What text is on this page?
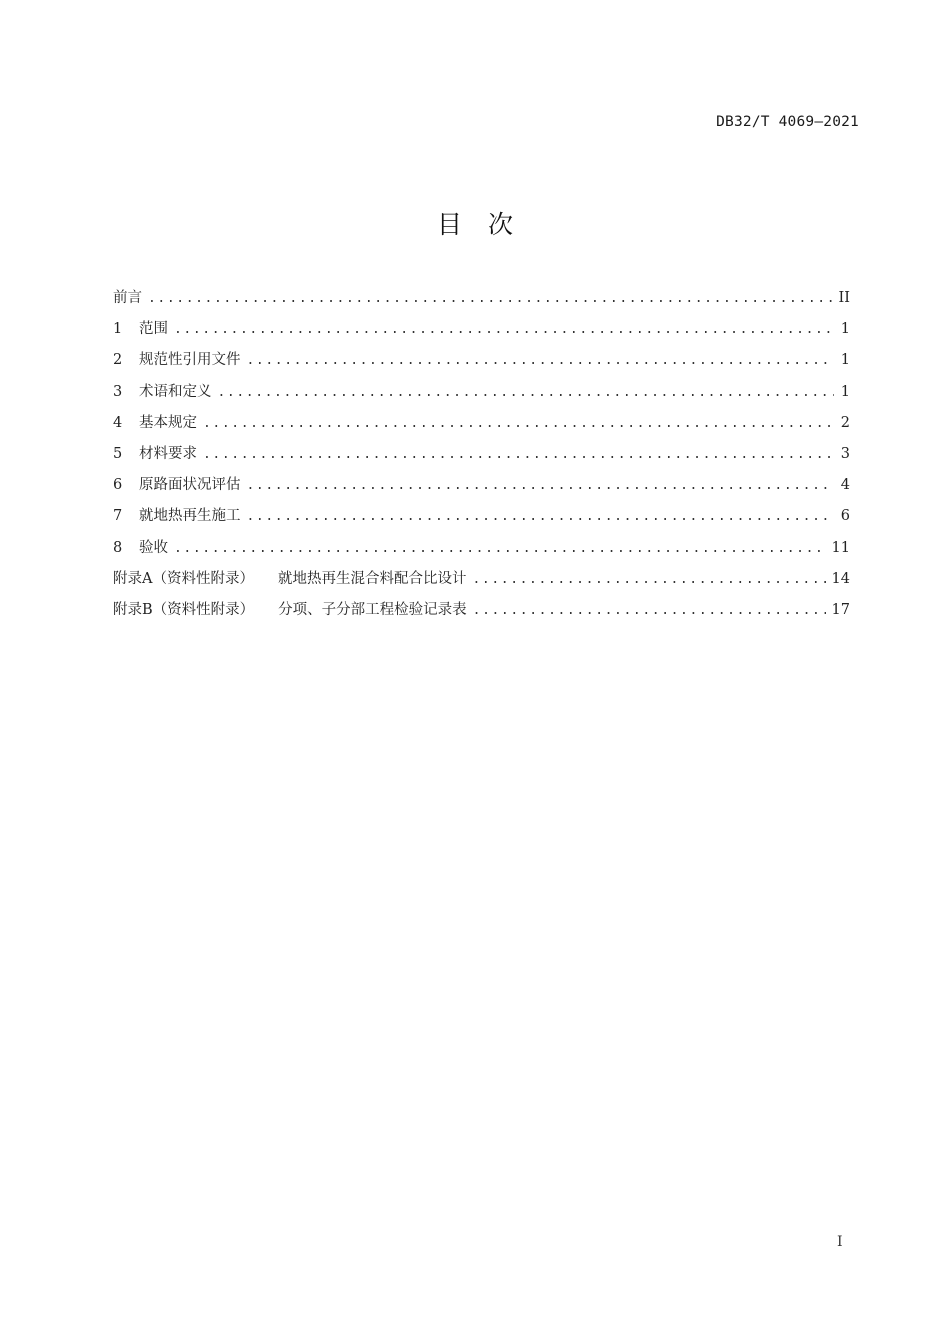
DB32/T 4069—2021
目次
前言 .....	II
1	范围 .....	1
2	规范性引用文件 .....	1
3	术语和定义 .....	1
4	基本规定 .....	2
5	材料要求 .....	3
6	原路面状况评估 .....	4
7	就地热再生施工 .....	6
8	验收 .....	11
附录A（资料性附录） 就地热再生混合料配合比设计 .....	14
附录B（资料性附录） 分项、子分部工程检验记录表 .....	17
I
